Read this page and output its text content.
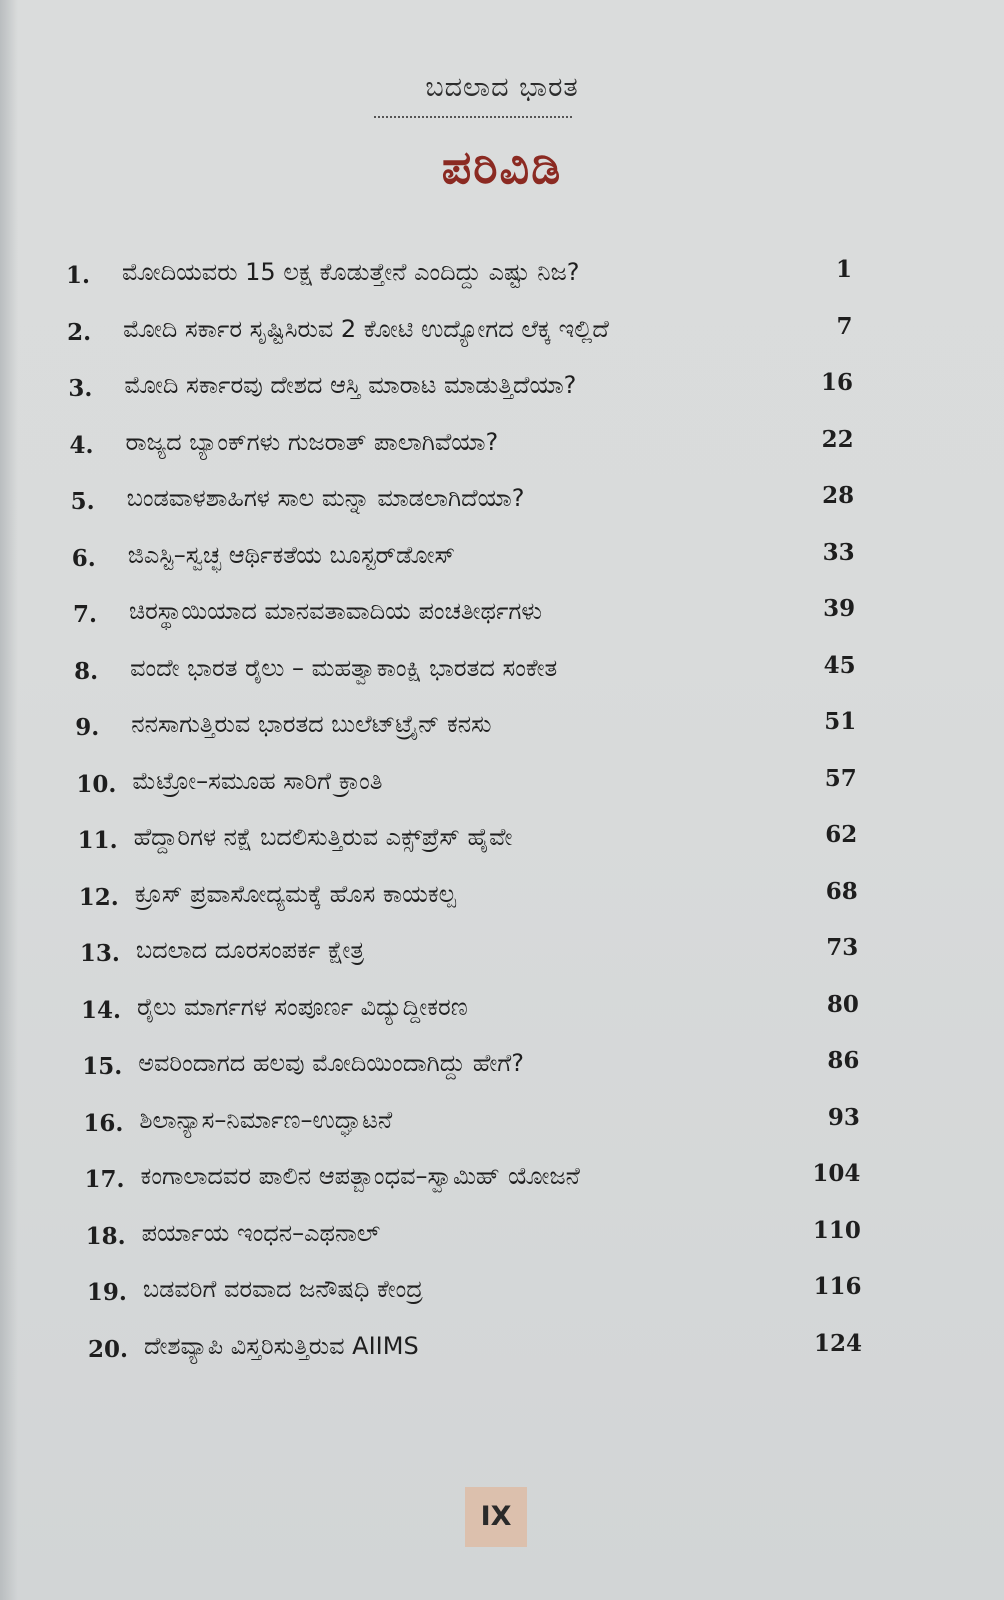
ಬದಲಾದ ಭಾರತ
ಪರಿವಿಡಿ
1. ಮೋದಿಯವರು 15 ಲಕ್ಷ ಕೊಡುತ್ತೇನೆ ಎಂದಿದ್ದು ಎಷ್ಟು ನಿಜ?	1
2. ಮೋದಿ ಸರ್ಕಾರ ಸೃಷ್ಟಿಸಿರುವ 2 ಕೋಟಿ ಉದ್ಯೋಗದ ಲೆಕ್ಕ ಇಲ್ಲಿದೆ	7
3. ಮೋದಿ ಸರ್ಕಾರವು ದೇಶದ ಆಸ್ತಿ ಮಾರಾಟ ಮಾಡುತ್ತಿದೆಯಾ?	16
4. ರಾಜ್ಯದ ಬ್ಯಾಂಕ್‌ಗಳು ಗುಜರಾತ್ ಪಾಲಾಗಿವೆಯಾ?	22
5. ಬಂಡವಾಳಶಾಹಿಗಳ ಸಾಲ ಮನ್ನಾ ಮಾಡಲಾಗಿದೆಯಾ?	28
6. ಜಿಎಸ್ಟಿ–ಸ್ವಚ್ಛ ಆರ್ಥಿಕತೆಯ ಬೂಸ್ಟರ್‌ಡೋಸ್	33
7. ಚಿರಸ್ಥಾಯಿಯಾದ ಮಾನವತಾವಾದಿಯ ಪಂಚತೀರ್ಥಗಳು	39
8. ವಂದೇ ಭಾರತ ರೈಲು – ಮಹತ್ವಾಕಾಂಕ್ಷಿ ಭಾರತದ ಸಂಕೇತ	45
9. ನನಸಾಗುತ್ತಿರುವ ಭಾರತದ ಬುಲೆಟ್‌ಟ್ರೈನ್ ಕನಸು	51
10. ಮೆಟ್ರೋ–ಸಮೂಹ ಸಾರಿಗೆ ಕ್ರಾಂತಿ	57
11. ಹೆದ್ದಾರಿಗಳ ನಕ್ಷೆ ಬದಲಿಸುತ್ತಿರುವ ಎಕ್ಸ್‌ಪ್ರೆಸ್ ಹೈವೇ	62
12. ಕ್ರೂಸ್ ಪ್ರವಾಸೋದ್ಯಮಕ್ಕೆ ಹೊಸ ಕಾಯಕಲ್ಪ	68
13. ಬದಲಾದ ದೂರಸಂಪರ್ಕ ಕ್ಷೇತ್ರ	73
14. ರೈಲು ಮಾರ್ಗಗಳ ಸಂಪೂರ್ಣ ವಿದ್ಯುದ್ದೀಕರಣ	80
15. ಅವರಿಂದಾಗದ ಹಲವು ಮೋದಿಯಿಂದಾಗಿದ್ದು ಹೇಗೆ?	86
16. ಶಿಲಾನ್ಯಾಸ–ನಿರ್ಮಾಣ–ಉದ್ಘಾಟನೆ	93
17. ಕಂಗಾಲಾದವರ ಪಾಲಿನ ಆಪತ್ಬಾಂಧವ–ಸ್ವಾಮಿಹ್ ಯೋಜನೆ	104
18. ಪರ್ಯಾಯ ಇಂಧನ–ಎಥನಾಲ್	110
19. ಬಡವರಿಗೆ ವರವಾದ ಜನೌಷಧಿ ಕೇಂದ್ರ	116
20. ದೇಶವ್ಯಾಪಿ ವಿಸ್ತರಿಸುತ್ತಿರುವ AIIMS	124
IX
